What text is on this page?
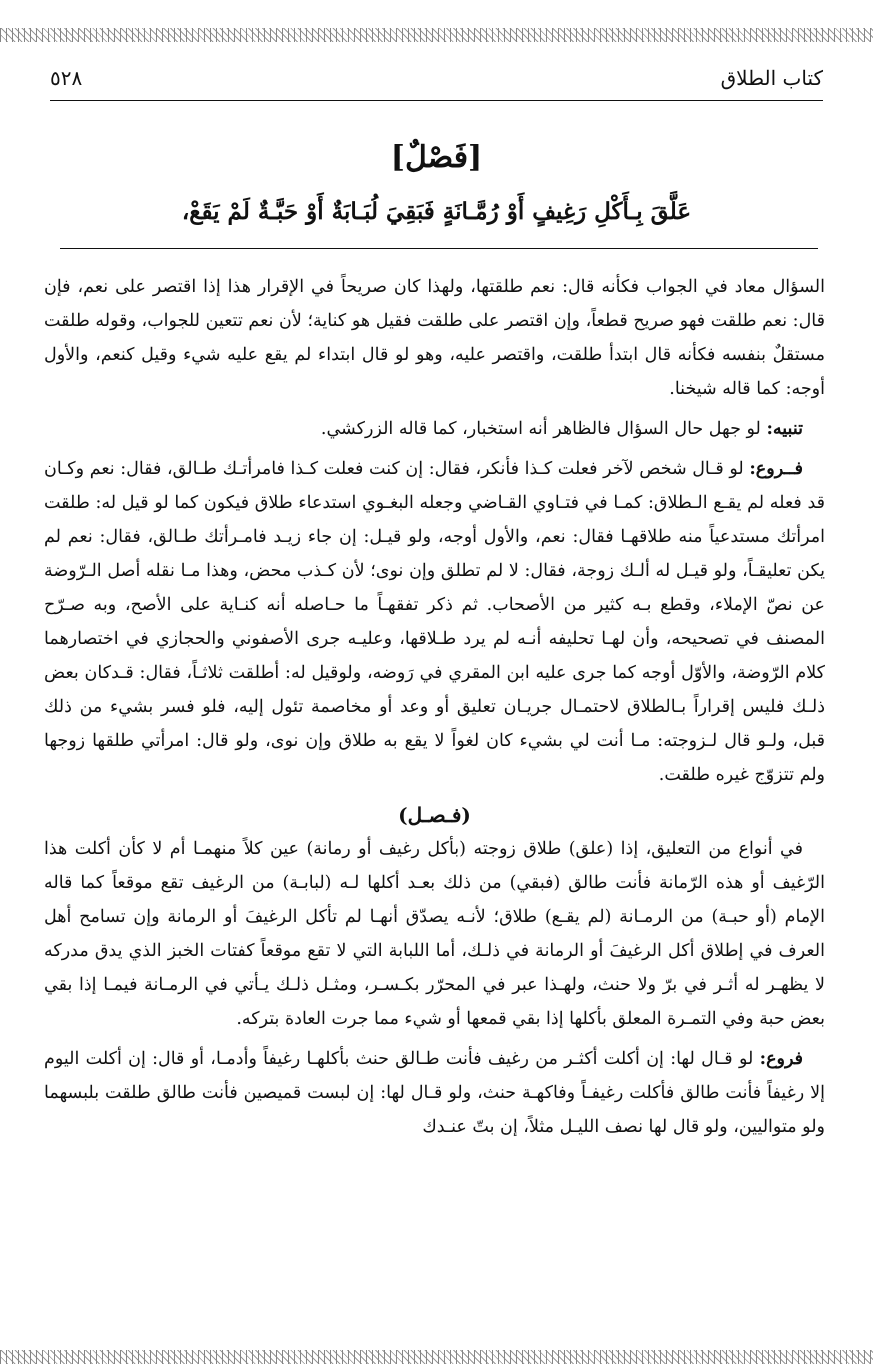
كتاب الطلاق
٥٢٨
[فَصْلٌ]
عَلَّقَ بِـأَكْلِ رَغِيفٍ أَوْ رُمَّـانَةٍ فَبَقِيَ لُبَـابَةٌ أَوْ حَبَّـةٌ لَمْ يَقَعْ،

السؤال معاد في الجواب فكأنه قال: نعم طلقتها، ولهذا كان صريحاً في الإقرار هذا إذا اقتصر على نعم، فإن قال: نعم طلقت فهو صريح قطعاً، وإن اقتصر على طلقت فقيل هو كناية؛ لأن نعم تتعين للجواب، وقوله طلقت مستقلٌ بنفسه فكأنه قال ابتدأ طلقت، واقتصر عليه، وهو لو قال ابتداء لم يقع عليه شيء وقيل كنعم، والأول أوجه: كما قاله شيخنا.

تنبيه: لو جهل حال السؤال فالظاهر أنه استخبار، كما قاله الزركشي.

فــروع: لو قـال شخص لآخر فعلت كـذا فأنكر، فقال: إن كنت فعلت كـذا فامرأتـك طـالق، فقال: نعم وكـان قد فعله لم يقـع الـطلاق: كمـا في فتـاوي القـاضي وجعله البغـوي استدعاء طلاق فيكون كما لو قيل له: طلقت امرأتك مستدعياً منه طلاقهـا فقال: نعم، والأول أوجه، ولو قيـل: إن جاء زيـد فامـرأتك طـالق، فقال: نعم لم يكن تعليقـاً، ولو قيـل له ألـك زوجة، فقال: لا لم تطلق وإن نوى؛ لأن كـذب محض، وهذا مـا نقله أصل الـرّوضة عن نصّ الإملاء، وقطع بـه كثير من الأصحاب. ثم ذكر تفقهـاً ما حـاصله أنه كنـاية على الأصح، وبه صـرّح المصنف في تصحيحه، وأن لهـا تحليفه أنـه لم يرد طـلاقها، وعليـه جرى الأصفوني والحجازي في اختصارهما كلام الرّوضة، والأوّل أوجه كما جرى عليه ابن المقري في رَوضه، ولوقيل له: أطلقت ثلاثـاً، فقال: قـدكان بعض ذلـك فليس إقراراً بـالطلاق لاحتمـال جريـان تعليق أو وعد أو مخاصمة تئول إليه، فلو فسر بشيء من ذلك قبل، ولـو قال لـزوجته: مـا أنت لي بشيء كان لغواً لا يقع به طلاق وإن نوى، ولو قال: امرأتي طلقها زوجها ولم تتزوّج غيره طلقت.

(فـصـل)

في أنواع من التعليق، إذا (علق) طلاق زوجته (بأكل رغيف أو رمانة) عين كلاً منهمـا أم لا كأن أكلت هذا الرّغيف أو هذه الرّمانة فأنت طالق (فبقي) من ذلك بعـد أكلها لـه (لبابـة) من الرغيف تقع موقعاً كما قاله الإمام (أو حبـة) من الرمـانة (لم يقـع) طلاق؛ لأنـه يصدّق أنهـا لم تأكل الرغيفَ أو الرمانة وإن تسامح أهل العرف في إطلاق أكل الرغيفَ أو الرمانة في ذلـك، أما اللبابة التي لا تقع موقعاً كفتات الخبز الذي يدق مدركه لا يظهـر له أثـر في برّ ولا حنث، ولهـذا عبر في المحرّر بكـسـر، ومثـل ذلـك يـأتي في الرمـانة فيمـا إذا بقي بعض حبة وفي التمـرة المعلق بأكلها إذا بقي قمعها أو شيء مما جرت العادة بتركه.

فروع: لو قـال لها: إن أكلت أكثـر من رغيف فأنت طـالق حنث بأكلهـا رغيفاً وأدمـا، أو قال: إن أكلت اليوم إلا رغيفاً فأنت طالق فأكلت رغيفـاً وفاكهـة حنث، ولو قـال لها: إن لبست قميصين فأنت طالق طلقت بلبسهما ولو متواليين، ولو قال لها نصف الليـل مثلاً، إن بتّ عنـدك
